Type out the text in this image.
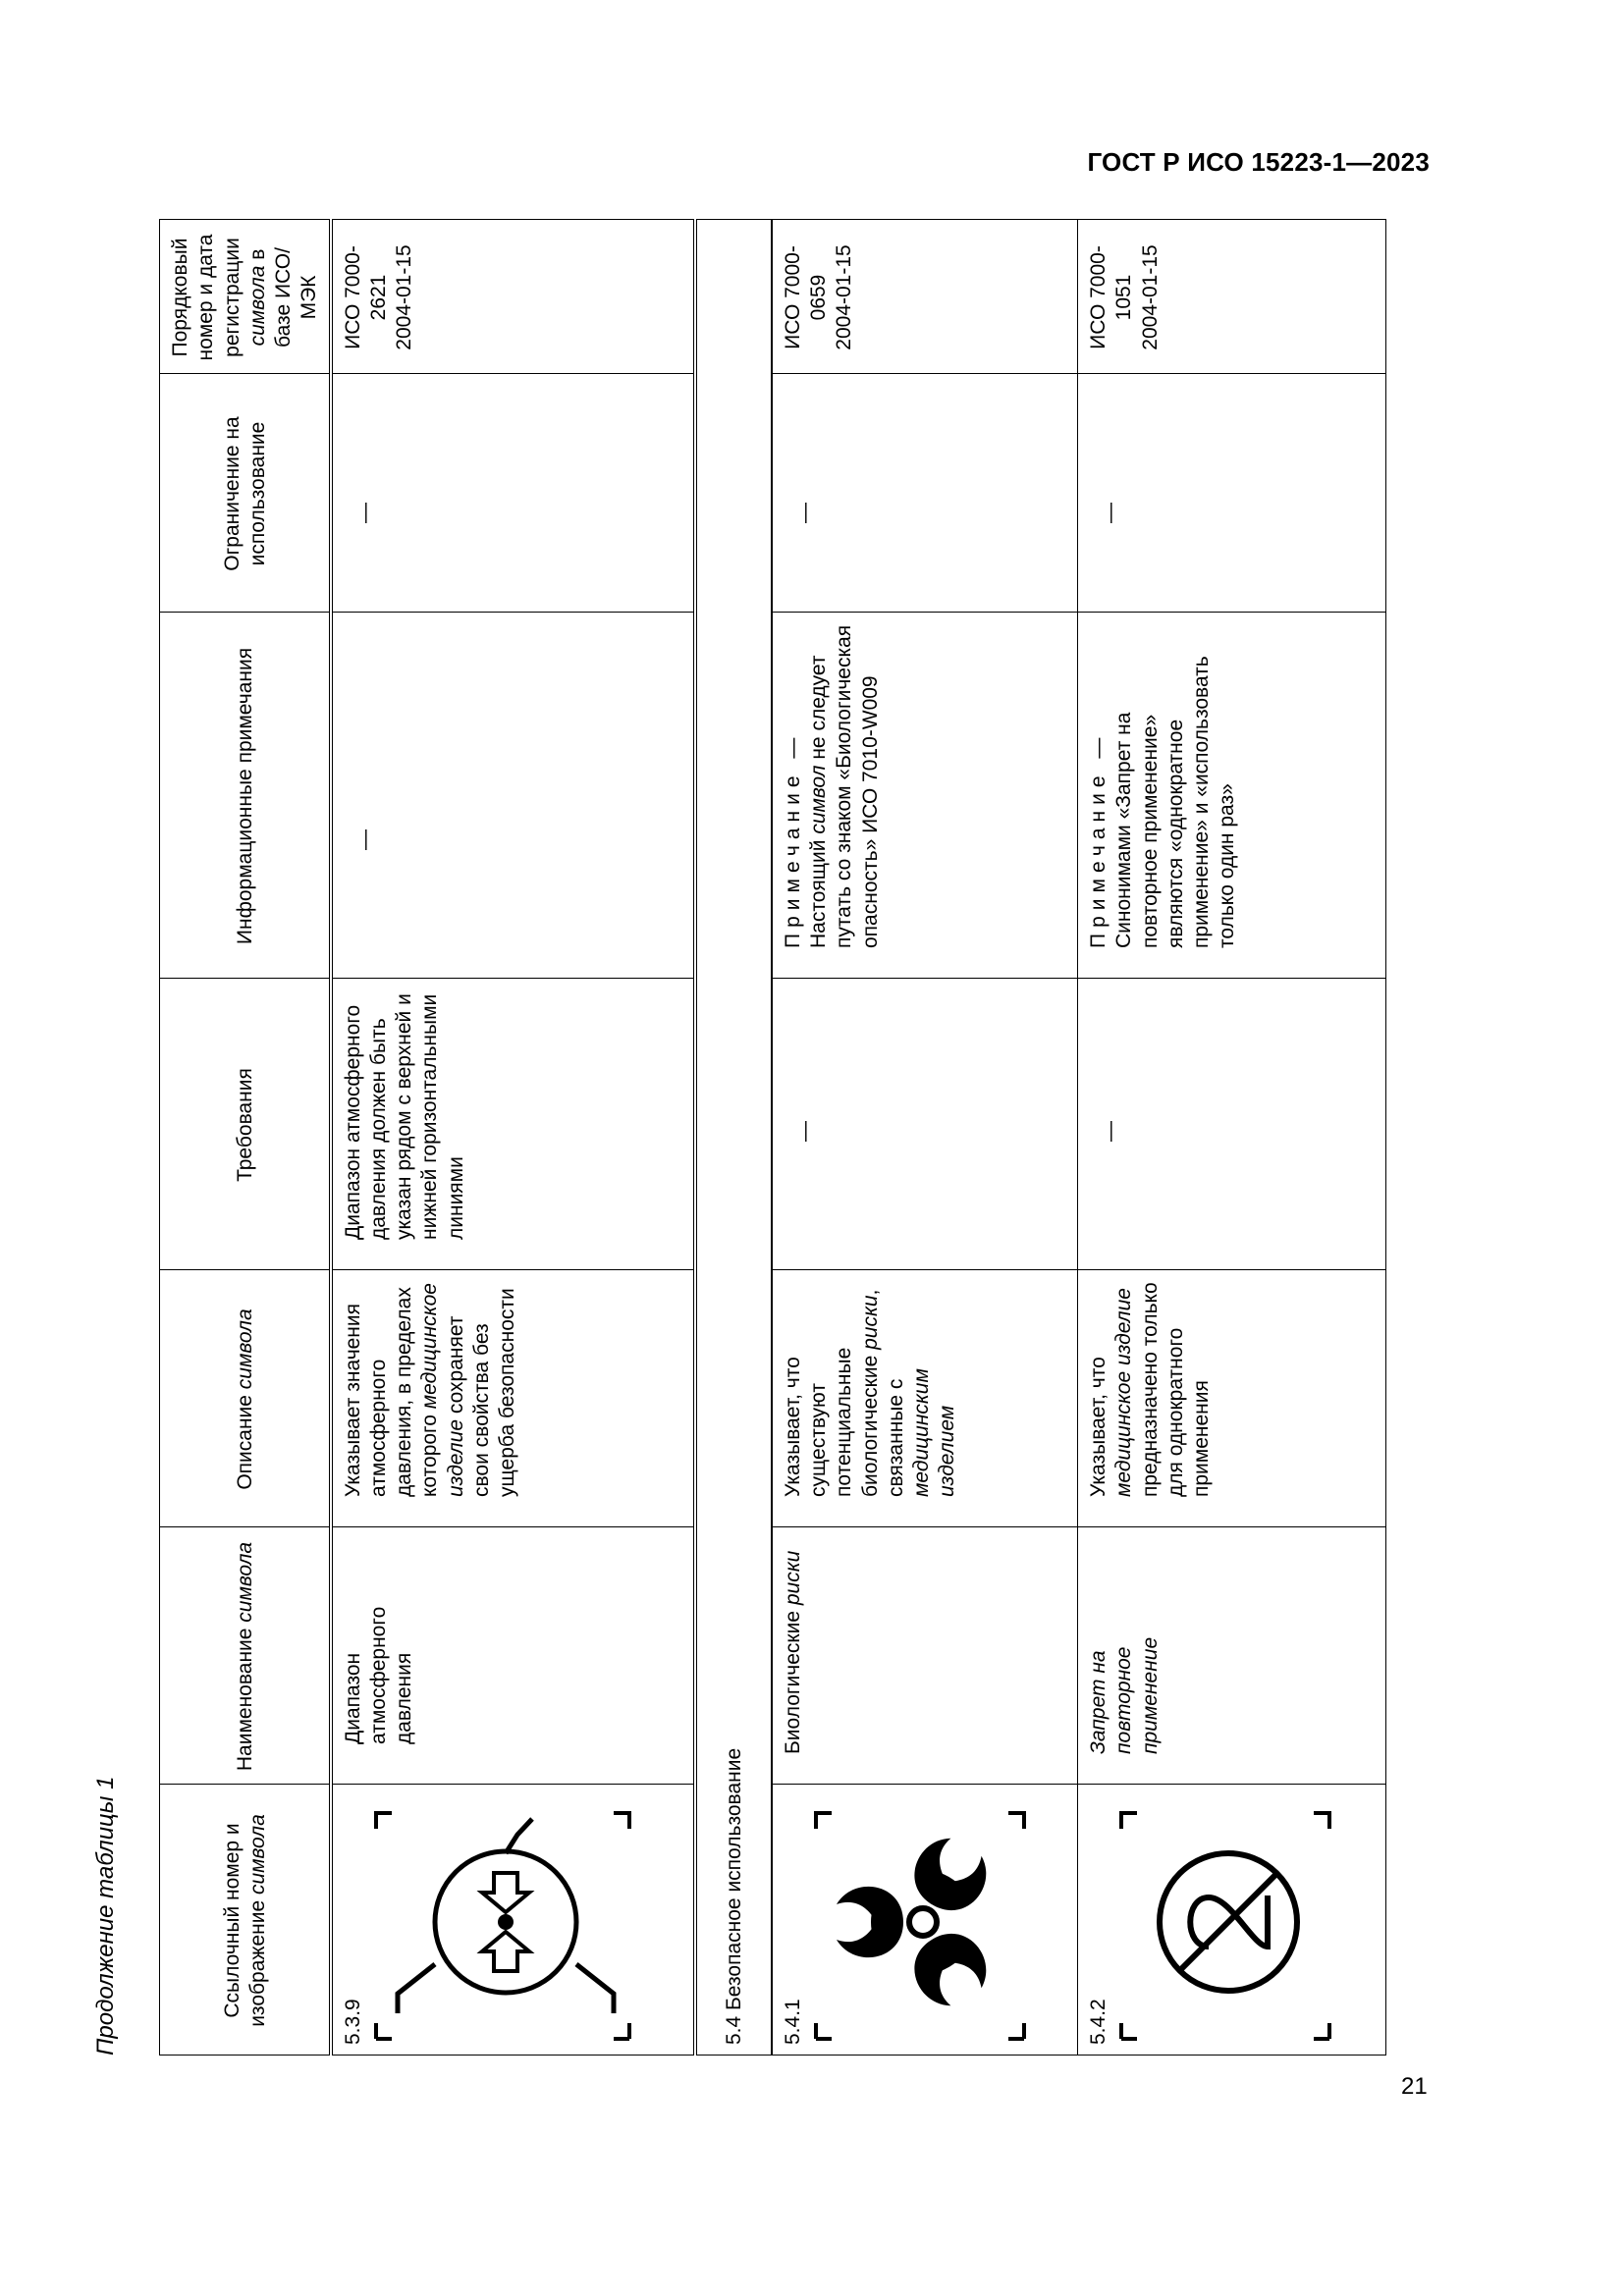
ГОСТ Р ИСО 15223-1—2023
Продолжение таблицы 1	Ссылочный номер и изображение символа	Наименование символа	Описание символа	Требования	Информационные примечания	Ограничение на использование	Порядковый номер и дата регистрации символа в базе ИСО/МЭК

5.3.9	Диапазон атмосферного давления	Указывает значения атмосферного давления, в пределах которого медицинское изделие сохраняет свои свойства без ущерба безопасности	Диапазон атмосферного давления должен быть указан рядом с верхней и нижней горизонтальными линиями	—	—	ИСО 7000-2621 2004-01-15

5.4 Безопасное использование						

5.4.1	Биологические риски	Указывает, что существуют потенциальные биологические риски, связанные с медицинским изделием	—	Примечание — Настоящий символ не следует путать со знаком «Биологическая опасность» ИСО 7010-W009	—	ИСО 7000-0659 2004-01-15

5.4.2	Запрет на повторное применение	Указывает, что медицинское изделие предназначено только для однократного применения	—	Примечание — Синонимами «Запрет на повторное применение» являются «однократное применение» и «использовать только один раз»	—	ИСО 7000-1051 2004-01-15
21
